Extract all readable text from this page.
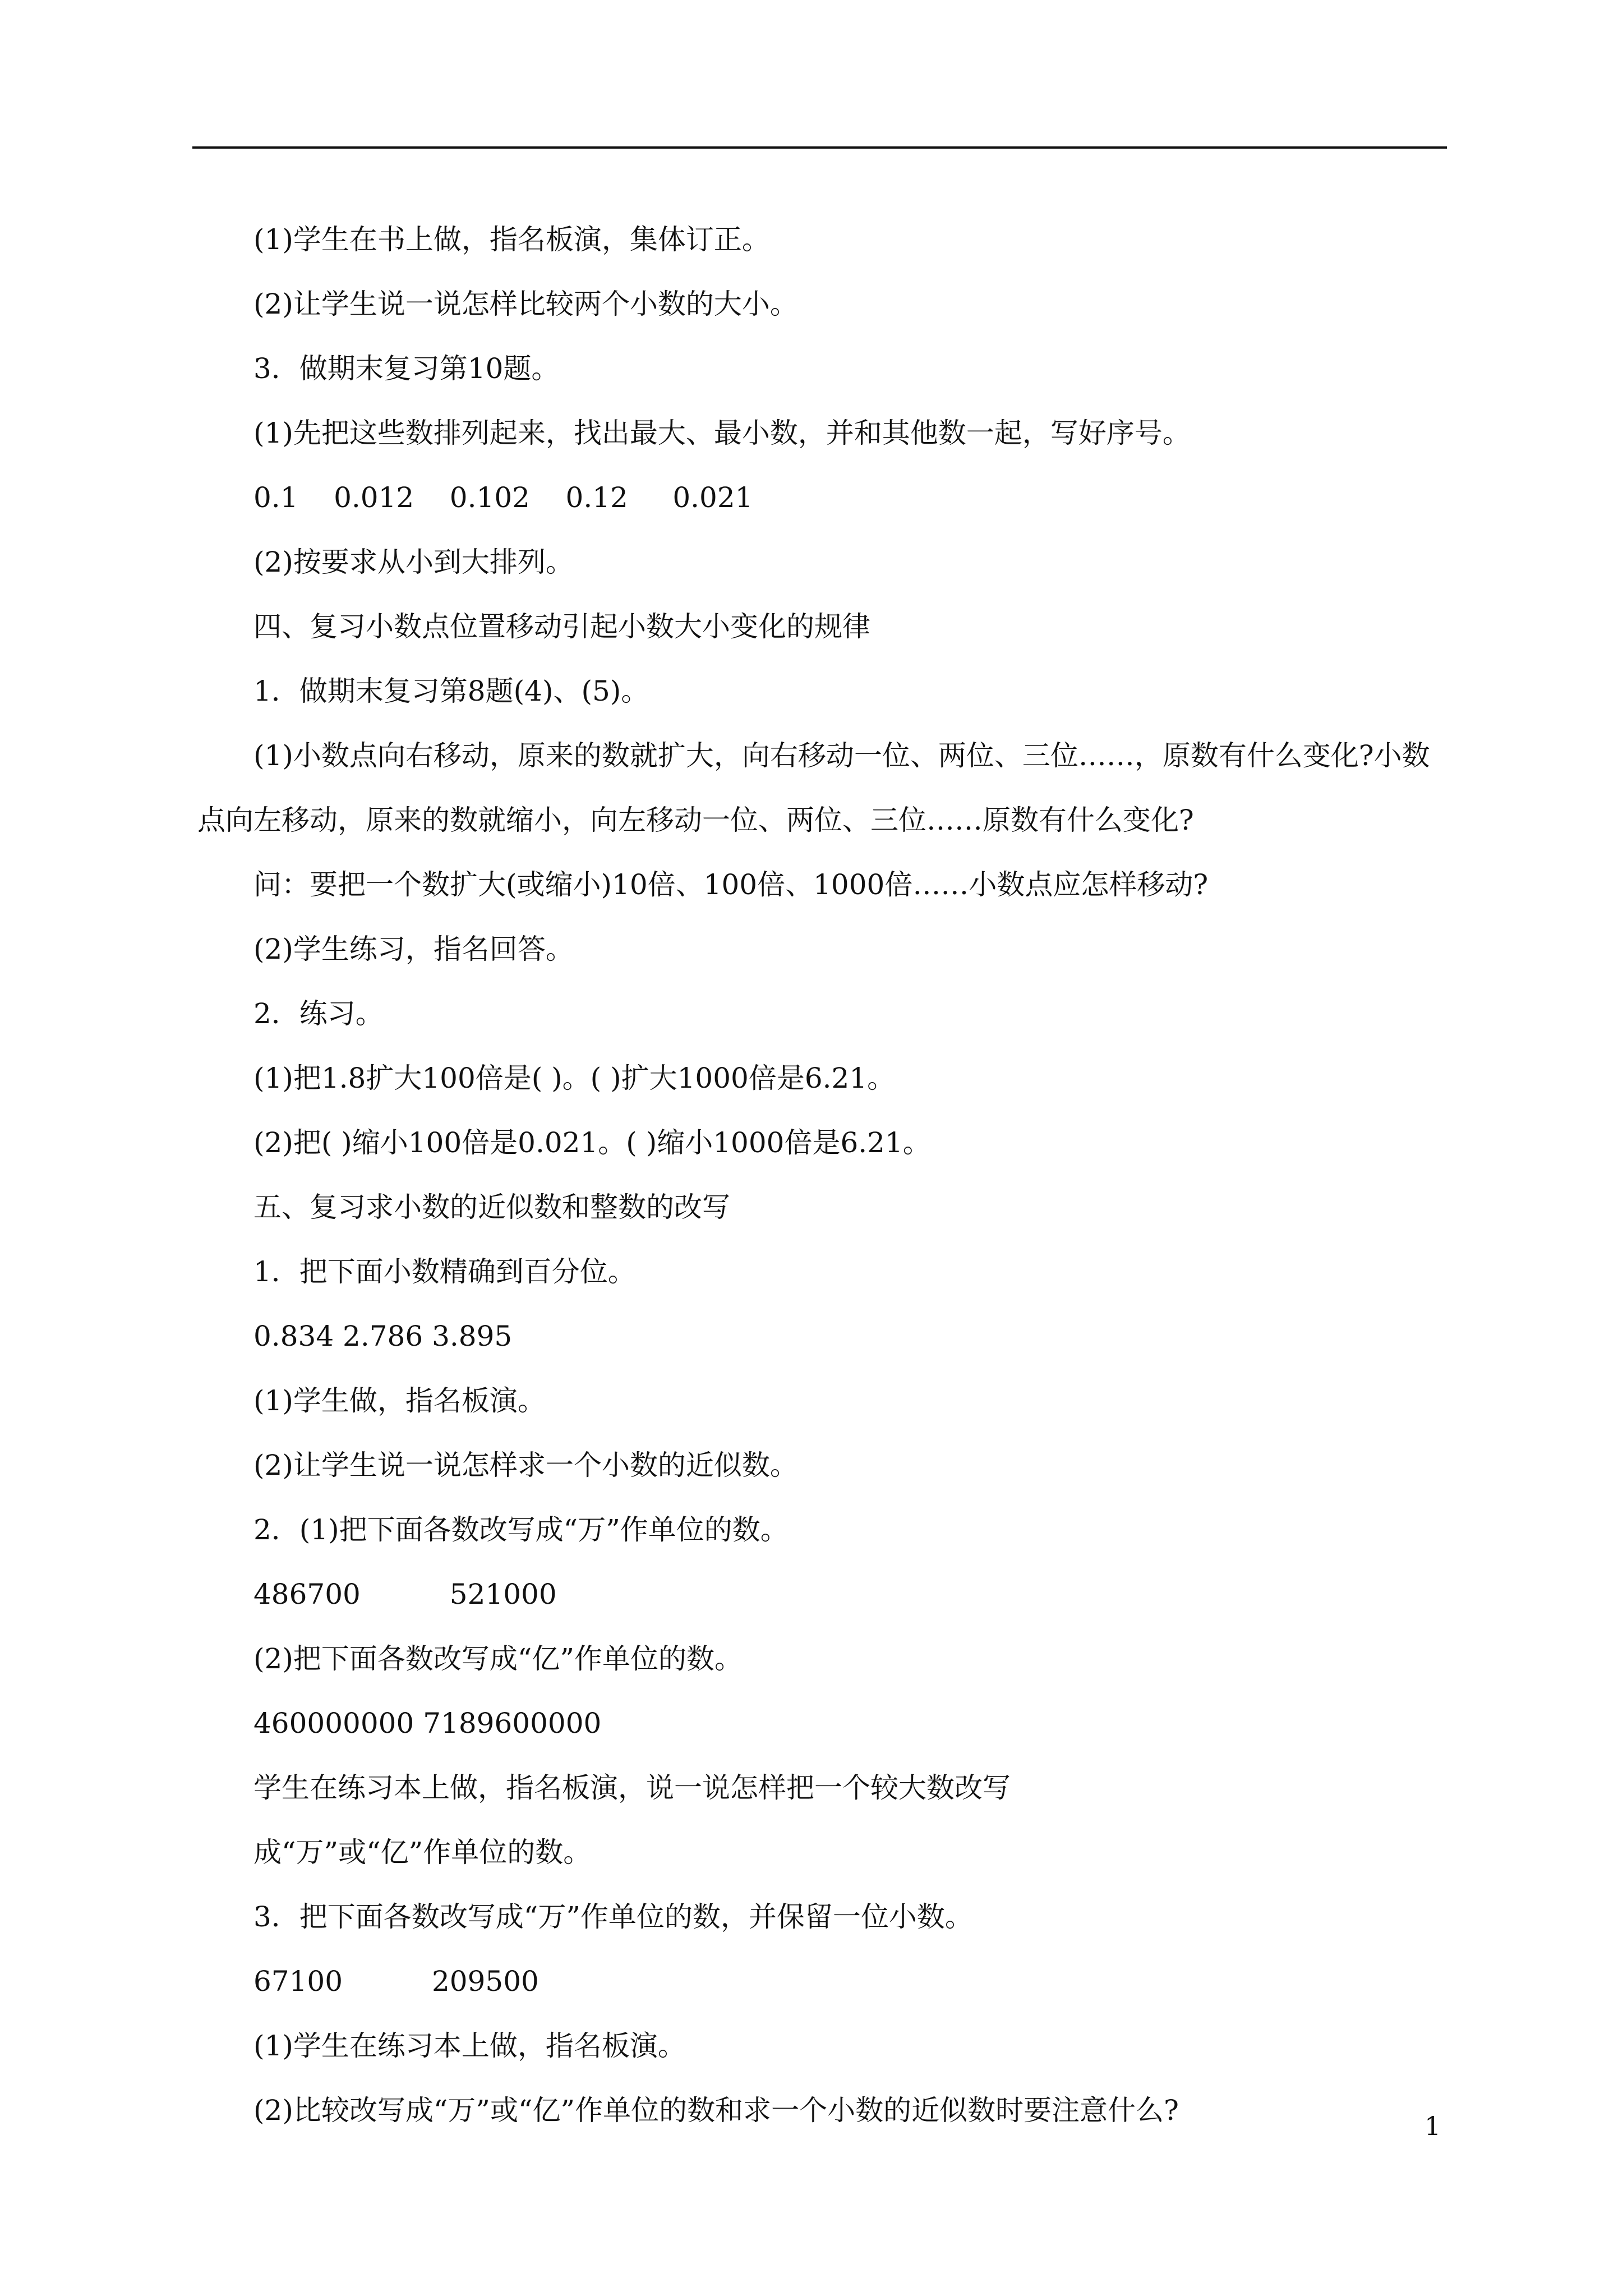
(1)学生在书上做，指名板演，集体订正。

(2)让学生说一说怎样比较两个小数的大小。

3．做期末复习第10题。

(1)先把这些数排列起来，找出最大、最小数，并和其他数一起，写好序号。

0.1    0.012    0.102    0.12     0.021

(2)按要求从小到大排列。

四、复习小数点位置移动引起小数大小变化的规律

1．做期末复习第8题(4)、(5)。

(1)小数点向右移动，原来的数就扩大，向右移动一位、两位、三位……，原数有什么变化?小数点向左移动，原来的数就缩小，向左移动一位、两位、三位……原数有什么变化?

问：要把一个数扩大(或缩小)10倍、100倍、1000倍……小数点应怎样移动?

(2)学生练习，指名回答。

2．练习。

(1)把1.8扩大100倍是( )。( )扩大1000倍是6.21。

(2)把( )缩小100倍是0.021。( )缩小1000倍是6.21。

五、复习求小数的近似数和整数的改写

1．把下面小数精确到百分位。

0.834 2.786 3.895

(1)学生做，指名板演。

(2)让学生说一说怎样求一个小数的近似数。

2．(1)把下面各数改写成“万”作单位的数。

486700          521000

(2)把下面各数改写成“亿”作单位的数。

460000000 7189600000

学生在练习本上做，指名板演，说一说怎样把一个较大数改写

成“万”或“亿”作单位的数。

3．把下面各数改写成“万”作单位的数，并保留一位小数。

67100          209500

(1)学生在练习本上做，指名板演。

(2)比较改写成“万”或“亿”作单位的数和求一个小数的近似数时要注意什么?	1
